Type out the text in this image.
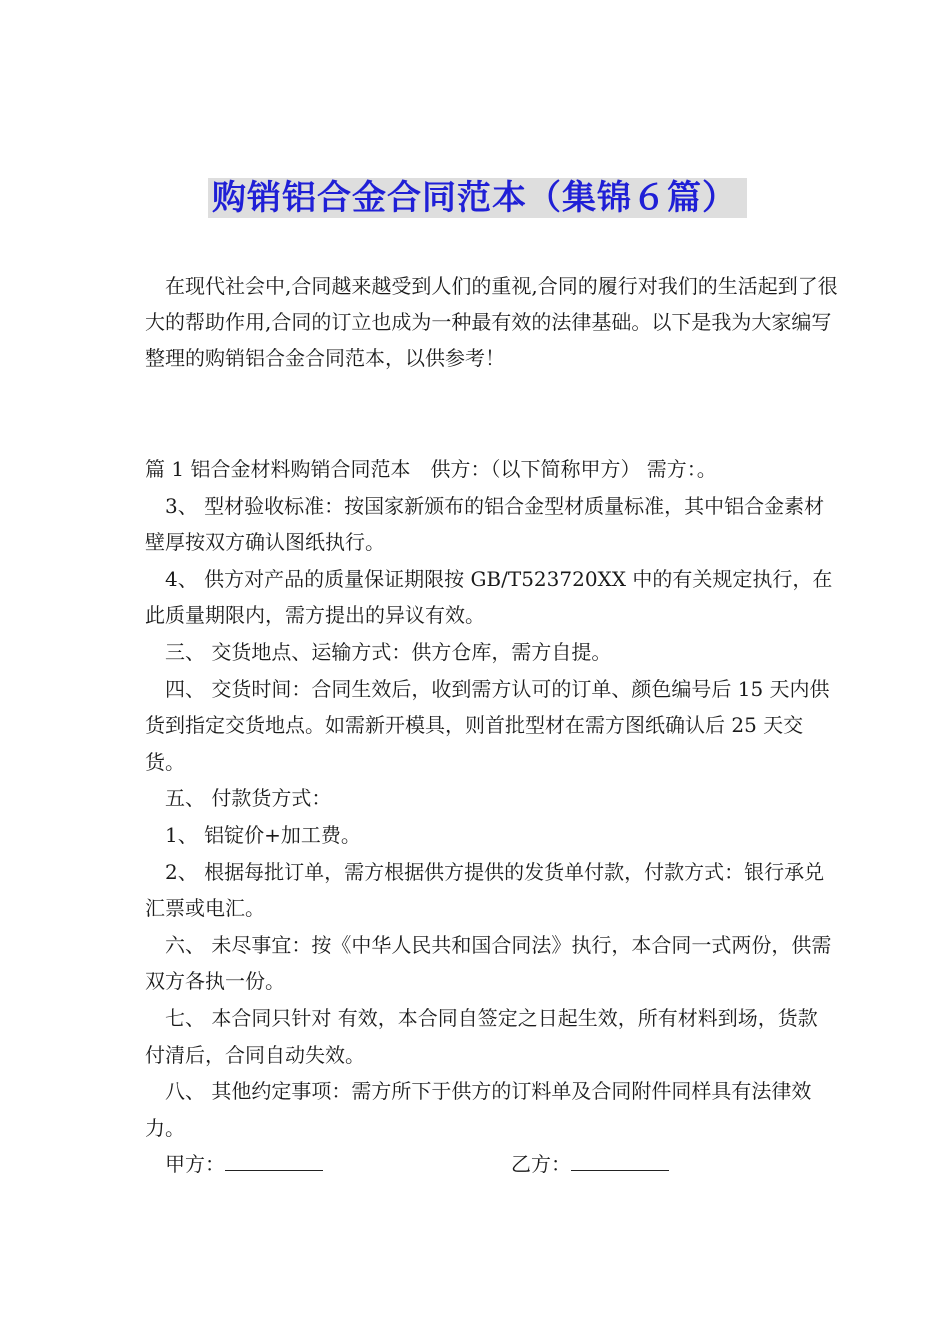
购销铝合金合同范本（集锦６篇）

在现代社会中,合同越来越受到人们的重视,合同的履行对我们的生活起到了很大的帮助作用,合同的订立也成为一种最有效的法律基础。以下是我为大家编写整理的购销铝合金合同范本，以供参考！

篇 1 铝合金材料购销合同范本　供方：（以下简称甲方） 需方：。

3、 型材验收标准：按国家新颁布的铝合金型材质量标准，其中铝合金素材壁厚按双方确认图纸执行。

4、 供方对产品的质量保证期限按 GB/T523720XX 中的有关规定执行，在此质量期限内，需方提出的异议有效。

三、 交货地点、运输方式：供方仓库，需方自提。

四、 交货时间：合同生效后，收到需方认可的订单、颜色编号后 15 天内供货到指定交货地点。如需新开模具，则首批型材在需方图纸确认后 25 天交货。

五、 付款货方式：

1、 铝锭价+加工费。

2、 根据每批订单，需方根据供方提供的发货单付款，付款方式：银行承兑汇票或电汇。

六、 未尽事宜：按《中华人民共和国合同法》执行，本合同一式两份，供需双方各执一份。

七、 本合同只针对 有效，本合同自签定之日起生效，所有材料到场，货款付清后，合同自动失效。

八、 其他约定事项：需方所下于供方的订料单及合同附件同样具有法律效力。

甲方：	乙方：
